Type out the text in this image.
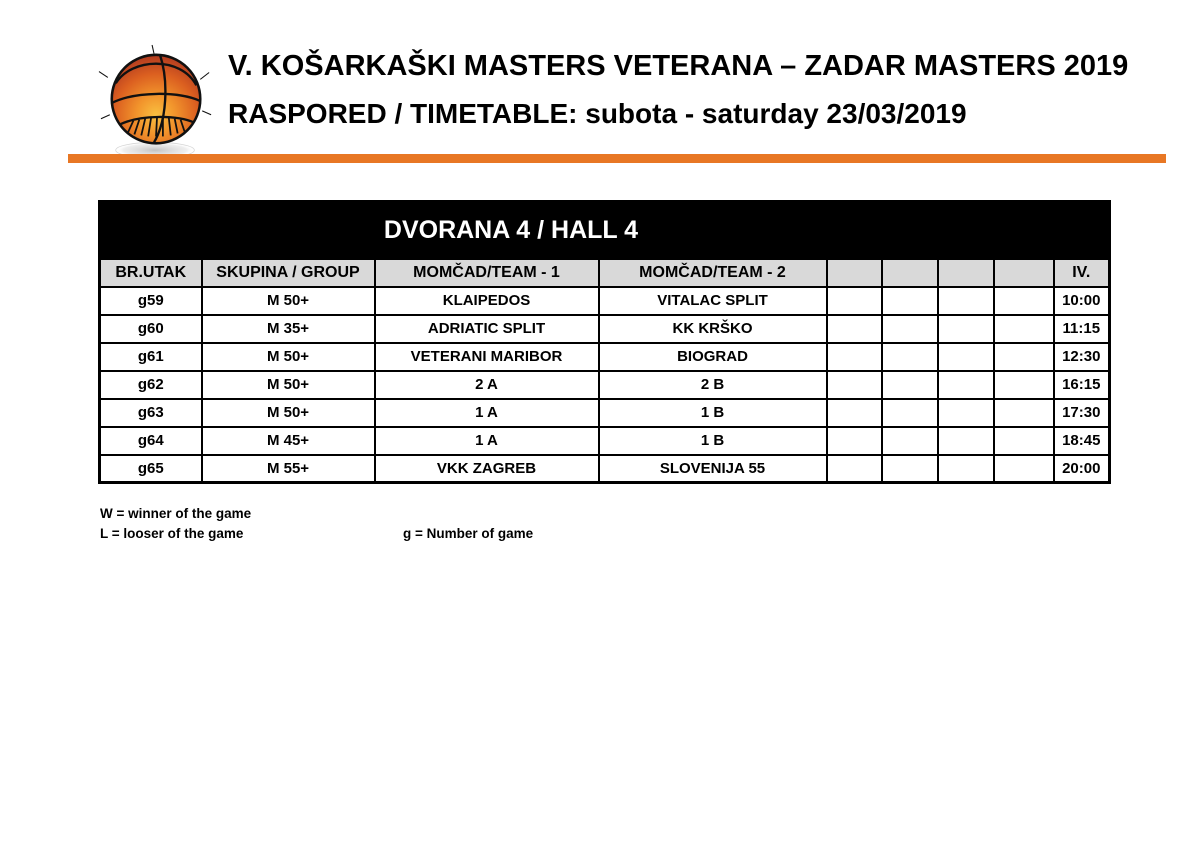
V. KOŠARKAŠKI MASTERS VETERANA – ZADAR MASTERS 2019
RASPORED / TIMETABLE: subota - saturday 23/03/2019
DVORANA 4 / HALL 4								

BR.UTAK	SKUPINA / GROUP	MOMČAD/TEAM - 1	MOMČAD/TEAM - 2					IV.
g59	M 50+	KLAIPEDOS	VITALAC SPLIT					10:00
g60	M 35+	ADRIATIC SPLIT	KK KRŠKO					11:15
g61	M 50+	VETERANI MARIBOR	BIOGRAD					12:30
g62	M 50+	2 A	2 B					16:15
g63	M 50+	1 A	1 B					17:30
g64	M 45+	1 A	1 B					18:45
g65	M 55+	VKK ZAGREB	SLOVENIJA 55					20:00
W = winner of the game
L = looser of the game	g = Number of game
